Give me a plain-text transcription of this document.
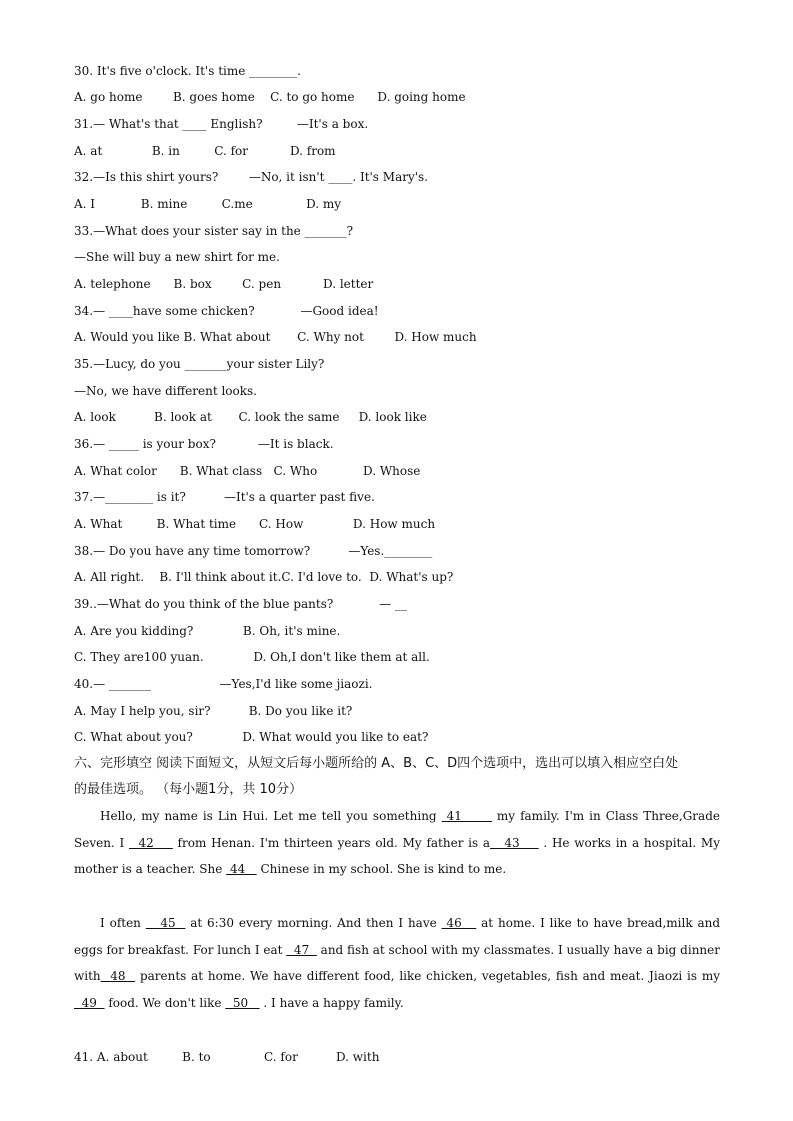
30. It's five o'clock. It's time ________.
A. go home        B. goes home    C. to go home      D. going home
31.— What's that ____ English?         —It's a box.
A. at             B. in         C. for           D. from
32.—Is this shirt yours?        —No, it isn't ____. It's Mary's.
A. I            B. mine         C.me              D. my
33.—What does your sister say in the _______?
—She will buy a new shirt for me.
A. telephone      B. box        C. pen           D. letter
34.— ____have some chicken?            —Good idea!
A. Would you like B. What about       C. Why not        D. How much
35.—Lucy, do you _______your sister Lily?
—No, we have different looks.
A. look          B. look at       C. look the same     D. look like
36.— _____ is your box?           —It is black.
A. What color      B. What class   C. Who            D. Whose
37.—________ is it?          —It's a quarter past five.
A. What         B. What time      C. How             D. How much
38.— Do you have any time tomorrow?          —Yes.________
A. All right.    B. I'll think about it.C. I'd love to.  D. What's up?
39..—What do you think of the blue pants?            — __
A. Are you kidding?             B. Oh, it's mine.
C. They are100 yuan.             D. Oh,I don't like them at all.
40.— _______                  —Yes,I'd like some jiaozi.
A. May I help you, sir?          B. Do you like it?
C. What about you?             D. What would you like to eat?
六、完形填空 阅读下面短文，从短文后每小题所给的 A、B、C、D四个选项中，选出可以填入相应空白处
的最佳选项。 （每小题1分，共 10分）
Hello, my name is Lin Hui. Let me tell you something  41       my family. I'm in Class Three,Grade Seven. I   42     from Henan. I'm thirteen years old. My father is a   43     . He works in a hospital. My mother is a teacher. She  44    Chinese in my school. She is kind to me.
I often    45   at 6:30 every morning. And then I have  46    at home. I like to have bread,milk and eggs for breakfast. For lunch I eat   47   and fish at school with my classmates. I usually have a big dinner with  48   parents at home. We have different food, like chicken, vegetables, fish and meat. Jiaozi is my   49   food. We don't like   50    . I have a happy family.
41. A. about         B. to              C. for          D. with
